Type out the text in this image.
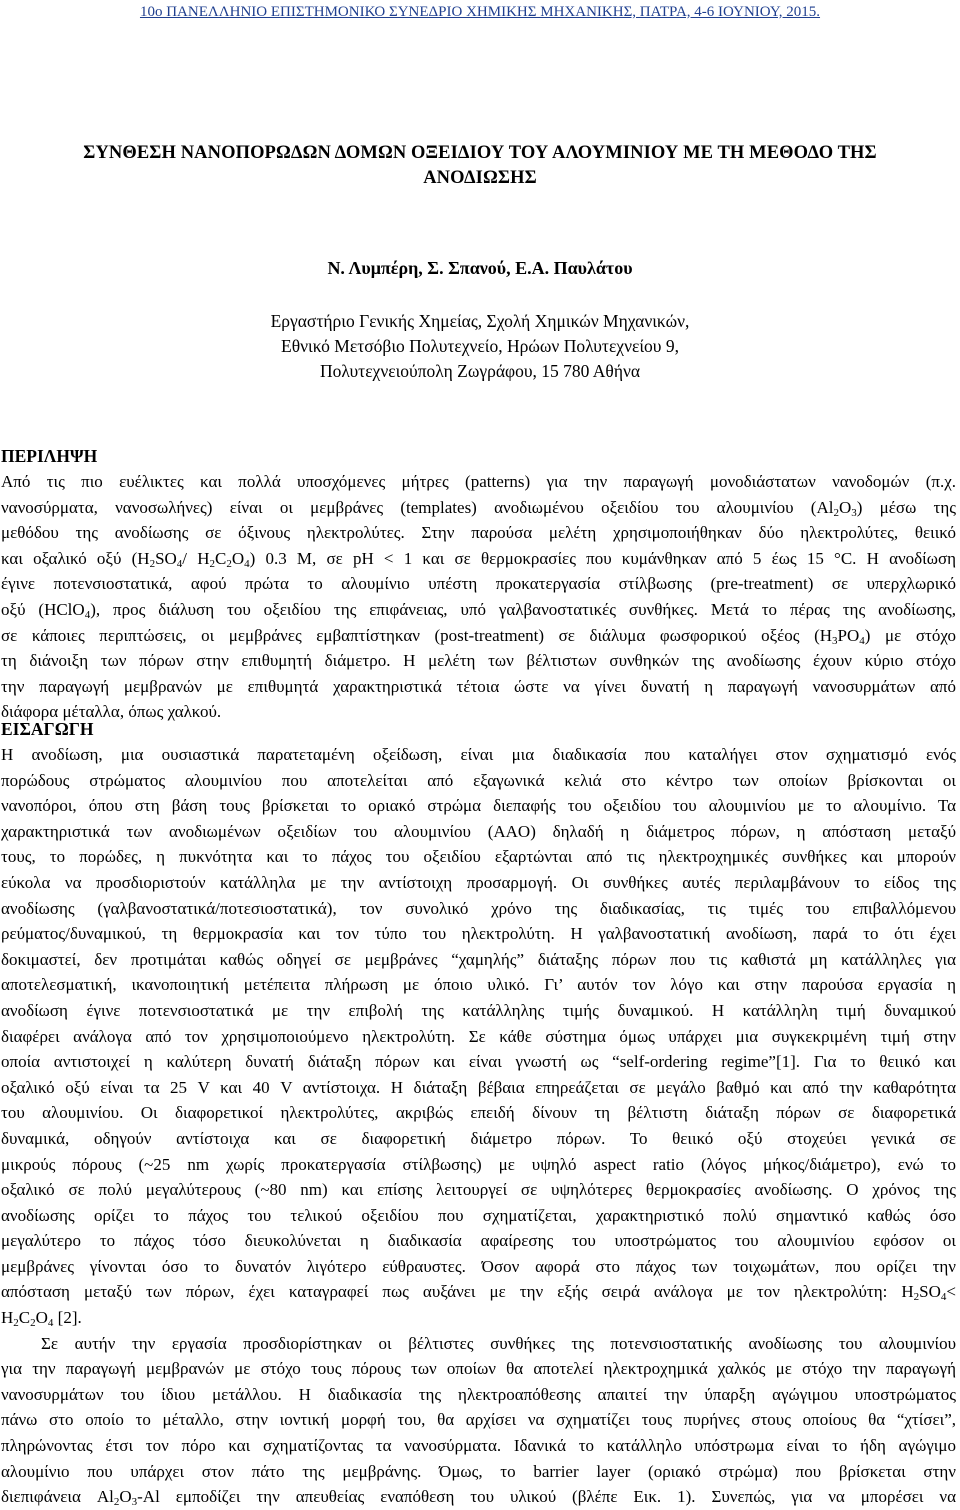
10ο ΠΑΝΕΛΛΗΝΙΟ ΕΠΙΣΤΗΜΟΝΙΚΟ ΣΥΝΕΔΡΙΟ ΧΗΜΙΚΗΣ ΜΗΧΑΝΙΚΗΣ, ΠΑΤΡΑ, 4-6 ΙΟΥΝΙΟΥ, 2015.
ΣΥΝΘΕΣΗ ΝΑΝΟΠΟΡΩΔΩΝ ΔΟΜΩΝ ΟΞΕΙΔΙΟΥ ΤΟΥ ΑΛΟΥΜΙΝΙΟΥ ΜΕ ΤΗ ΜΕΘΟΔΟ ΤΗΣ
ΑΝΟΔΙΩΣΗΣ
Ν. Λυμπέρη, Σ. Σπανού, Ε.Α. Παυλάτου
Εργαστήριο Γενικής Χημείας, Σχολή Χημικών Μηχανικών,
Εθνικό Μετσόβιο Πολυτεχνείο, Ηρώων Πολυτεχνείου 9,
Πολυτεχνειούπολη Ζωγράφου, 15 780 Αθήνα
ΠΕΡΙΛΗΨΗ
Από τις πιο ευέλικτες και πολλά υποσχόμενες μήτρες (patterns) για την παραγωγή μονοδιάστατων νανοδομών (π.χ.
νανοσύρματα, νανοσωλήνες) είναι οι μεμβράνες (templates) ανοδιωμένου οξειδίου του αλουμινίου $(Al_2O_3)$ μέσω της
μεθόδου της ανοδίωσης σε όξινους ηλεκτρολύτες. Στην παρούσα μελέτη χρησιμοποιήθηκαν δύο ηλεκτρολύτες, θειικό
και οξαλικό οξύ ($H_2SO_4/$ $H_2C_2O_4$) 0.3 M, σε pH < 1 και σε θερμοκρασίες που κυμάνθηκαν από 5 έως 15 °C. Η ανοδίωση
έγινε ποτενσιοστατικά, αφού πρώτα το αλουμίνιο υπέστη προκατεργασία στίλβωσης (pre-treatment) σε υπερχλωρικό
οξύ (HClO$_4$), προς διάλυση του οξειδίου της επιφάνειας, υπό γαλβανοστατικές συνθήκες. Μετά το πέρας της ανοδίωσης,
σε κάποιες περιπτώσεις, οι μεμβράνες εμβαπτίστηκαν (post-treatment) σε διάλυμα φωσφορικού οξέος $(H_3PO_4)$ με στόχο
τη διάνοιξη των πόρων στην επιθυμητή διάμετρο. Η μελέτη των βέλτιστων συνθηκών της ανοδίωσης έχουν κύριο στόχο
την παραγωγή μεμβρανών με επιθυμητά χαρακτηριστικά τέτοια ώστε να γίνει δυνατή η παραγωγή νανοσυρμάτων από
διάφορα μέταλλα, όπως χαλκού.
ΕΙΣΑΓΩΓΗ
Η ανοδίωση, μια ουσιαστικά παρατεταμένη οξείδωση, είναι μια διαδικασία που καταλήγει στον σχηματισμό ενός
πορώδους στρώματος αλουμινίου που αποτελείται από εξαγωνικά κελιά στο κέντρο των οποίων βρίσκονται οι
νανοπόροι, όπου στη βάση τους βρίσκεται το οριακό στρώμα διεπαφής του οξειδίου του αλουμινίου με το αλουμίνιο. Τα
χαρακτηριστικά των ανοδιωμένων οξειδίων του αλουμινίου (AAO) δηλαδή η διάμετρος πόρων, η απόσταση μεταξύ
τους, το πορώδες, η πυκνότητα και το πάχος του οξειδίου εξαρτώνται από τις ηλεκτροχημικές συνθήκες και μπορούν
εύκολα να προσδιοριστούν κατάλληλα με την αντίστοιχη προσαρμογή. Οι συνθήκες αυτές περιλαμβάνουν το είδος της
ανοδίωσης (γαλβανοστατικά/ποτεσιοστατικά), τον συνολικό χρόνο της διαδικασίας, τις τιμές του επιβαλλόμενου
ρεύματος/δυναμικού, τη θερμοκρασία και τον τύπο του ηλεκτρολύτη. Η γαλβανοστατική ανοδίωση, παρά το ότι έχει
δοκιμαστεί, δεν προτιμάται καθώς οδηγεί σε μεμβράνες “χαμηλής” διάταξης πόρων που τις καθιστά μη κατάλληλες για
αποτελεσματική, ικανοποιητική μετέπειτα πλήρωση με όποιο υλικό. Γι’ αυτόν τον λόγο και στην παρούσα εργασία η
ανοδίωση έγινε ποτενσιοστατικά με την επιβολή της κατάλληλης τιμής δυναμικού. Η κατάλληλη τιμή δυναμικού
διαφέρει ανάλογα από τον χρησιμοποιούμενο ηλεκτρολύτη. Σε κάθε σύστημα όμως υπάρχει μια συγκεκριμένη τιμή στην
οποία αντιστοιχεί η καλύτερη δυνατή διάταξη πόρων και είναι γνωστή ως “self-ordering regime”[1]. Για το θειικό και
οξαλικό οξύ είναι τα 25 V και 40 V αντίστοιχα. Η διάταξη βέβαια επηρεάζεται σε μεγάλο βαθμό και από την καθαρότητα
του αλουμινίου. Οι διαφορετικοί ηλεκτρολύτες, ακριβώς επειδή δίνουν τη βέλτιστη διάταξη πόρων σε διαφορετικά
δυναμικά, οδηγούν αντίστοιχα και σε διαφορετική διάμετρο πόρων. Το θειικό οξύ στοχεύει γενικά σε
μικρούς πόρους (~25 nm χωρίς προκατεργασία στίλβωσης) με υψηλό aspect ratio (λόγος μήκος/διάμετρο), ενώ το
οξαλικό σε πολύ μεγαλύτερους (~80 nm) και επίσης λειτουργεί σε υψηλότερες θερμοκρασίες ανοδίωσης. Ο χρόνος της
ανοδίωσης ορίζει το πάχος του τελικού οξειδίου που σχηματίζεται, χαρακτηριστικό πολύ σημαντικό καθώς όσο
μεγαλύτερο το πάχος τόσο διευκολύνεται η διαδικασία αφαίρεσης του υποστρώματος του αλουμινίου εφόσον οι
μεμβράνες γίνονται όσο το δυνατόν λιγότερο εύθραυστες. Όσον αφορά στο πάχος των τοιχωμάτων, που ορίζει την
απόσταση μεταξύ των πόρων, έχει καταγραφεί πως αυξάνει με την εξής σειρά ανάλογα με τον ηλεκτρολύτη: $H_2SO_4<$
$H_2C_2O_4$ [2].
Σε αυτήν την εργασία προσδιορίστηκαν οι βέλτιστες συνθήκες της ποτενσιοστατικής ανοδίωσης του αλουμινίου
για την παραγωγή μεμβρανών με στόχο τους πόρους των οποίων θα αποτελεί ηλεκτροχημικά χαλκός με στόχο την παραγωγή
νανοσυρμάτων του ίδιου μετάλλου. Η διαδικασία της ηλεκτροαπόθεσης απαιτεί την ύπαρξη αγώγιμου υποστρώματος
πάνω στο οποίο το μέταλλο, στην ιοντική μορφή του, θα αρχίσει να σχηματίζει τους πυρήνες στους οποίους θα “χτίσει”,
πληρώνοντας έτσι τον πόρο και σχηματίζοντας τα νανοσύρματα. Ιδανικά το κατάλληλο υπόστρωμα είναι το ήδη αγώγιμο
αλουμίνιο που υπάρχει στον πάτο της μεμβράνης. Όμως, το barrier layer (οριακό στρώμα) που βρίσκεται στην
διεπιφάνεια $Al_2O_3-Al$ εμποδίζει την απευθείας εναπόθεση του υλικού (βλέπε Εικ. 1). Συνεπώς, για να μπορέσει να
